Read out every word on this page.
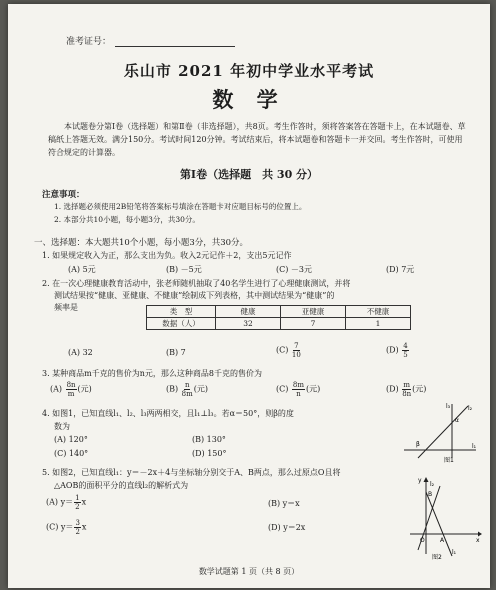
准考证号：
乐山市 2021 年初中学业水平考试
数 学
本试题卷分第Ⅰ卷（选择题）和第Ⅱ卷（非选择题），共8页。考生作答时，须将答案答在答题卡上，在本试题卷、草稿纸上答题无效。满分150分。考试时间120分钟。考试结束后，将本试题卷和答题卡一并交回。考生作答时，可使用符合规定的计算器。
第Ⅰ卷（选择题　共 30 分）
注意事项：
1. 选择题必须使用2B铅笔将答案标号填涂在答题卡对应题目标号的位置上。
2. 本部分共10小题，每小题3分，共30分。
一、选择题：本大题共10个小题，每小题3分，共30分。
1. 如果规定收入为正，那么支出为负。收入2元记作＋2，支出5元记作
(A) 5元	(B) －5元	(C) －3元	(D) 7元
2. 在一次心理健康教育活动中，张老师随机抽取了40名学生进行了心理健康测试，并将
测试结果按“健康、亚健康、不健康”绘制成下列表格，其中测试结果为“健康”的
频率是	类　型	健康	亚健康	不健康
数据（人）	32	7	1
(A) 32	(B) 7	$(C) \frac{7}{10}$	$(D) \frac{4}{5}$
3. 某种商品m千克的售价为n元，那么这种商品8千克的售价为
$(A) \frac{8n}{m}$ (元)	$(B) \frac{n}{8m}$ (元)	$(C) \frac{8m}{n}$ (元)	$(D) \frac{m}{8n}$ (元)
4. 如图1，已知直线l₁、l₂、l₃两两相交，且l₁⊥l₃。若α＝50°，则β的度
数为
(A) 120°	(B) 130°
(C) 140°	(D) 150°
l₃	l₂
l₁
β
α
图1
5. 如图2，已知直线l₁：y＝－2x＋4与坐标轴分别交于A、B两点，那么过原点O且将
△AOB的面积平分的直线l₂的解析式为
(A) $y= \frac{1}{2}$ x	(B) y＝x
(C) $y= \frac{3}{2}$ x	(D) y＝2x
y
x
O	A
B
l₁
l₂
图2
数学试题第 1 页（共 8 页）
